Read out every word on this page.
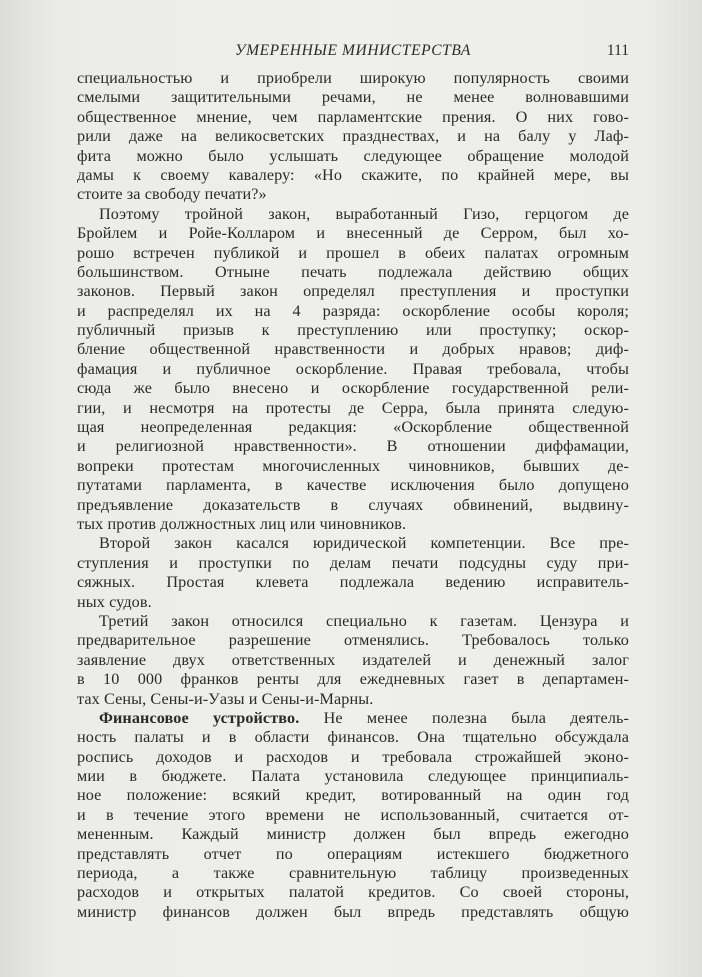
УМЕРЕННЫЕ МИНИСТЕРСТВА	111
специальностью и приобрели широкую популярность своими
смелыми защитительными речами, не менее волновавшими
общественное мнение, чем парламентские прения. О них гово-
рили даже на великосветских празднествах, и на балу у Лаф-
фита можно было услышать следующее обращение молодой
дамы к своему кавалеру: «Но скажите, по крайней мере, вы
стоите за свободу печати?»
Поэтому тройной закон, выработанный Гизо, герцогом де
Бройлем и Ройе-Колларом и внесенный де Серром, был хо-
рошо встречен публикой и прошел в обеих палатах огромным
большинством. Отныне печать подлежала действию общих
законов. Первый закон определял преступления и проступки
и распределял их на 4 разряда: оскорбление особы короля;
публичный призыв к преступлению или проступку; оскор-
бление общественной нравственности и добрых нравов; диф-
фамация и публичное оскорбление. Правая требовала, чтобы
сюда же было внесено и оскорбление государственной рели-
гии, и несмотря на протесты де Серра, была принята следую-
щая неопределенная редакция: «Оскорбление общественной
и религиозной нравственности». В отношении диффамации,
вопреки протестам многочисленных чиновников, бывших де-
путатами парламента, в качестве исключения было допущено
предъявление доказательств в случаях обвинений, выдвину-
тых против должностных лиц или чиновников.
Второй закон касался юридической компетенции. Все пре-
ступления и проступки по делам печати подсудны суду при-
сяжных. Простая клевета подлежала ведению исправитель-
ных судов.
Третий закон относился специально к газетам. Цензура и
предварительное разрешение отменялись. Требовалось только
заявление двух ответственных издателей и денежный залог
в 10 000 франков ренты для ежедневных газет в департамен-
тах Сены, Сены-и-Уазы и Сены-и-Марны.
Финансовое устройство. Не менее полезна была деятель-
ность палаты и в области финансов. Она тщательно обсуждала
роспись доходов и расходов и требовала строжайшей эконо-
мии в бюджете. Палата установила следующее принципиаль-
ное положение: всякий кредит, вотированный на один год
и в течение этого времени не использованный, считается от-
мененным. Каждый министр должен был впредь ежегодно
представлять отчет по операциям истекшего бюджетного
периода, а также сравнительную таблицу произведенных
расходов и открытых палатой кредитов. Со своей стороны,
министр финансов должен был впредь представлять общую
